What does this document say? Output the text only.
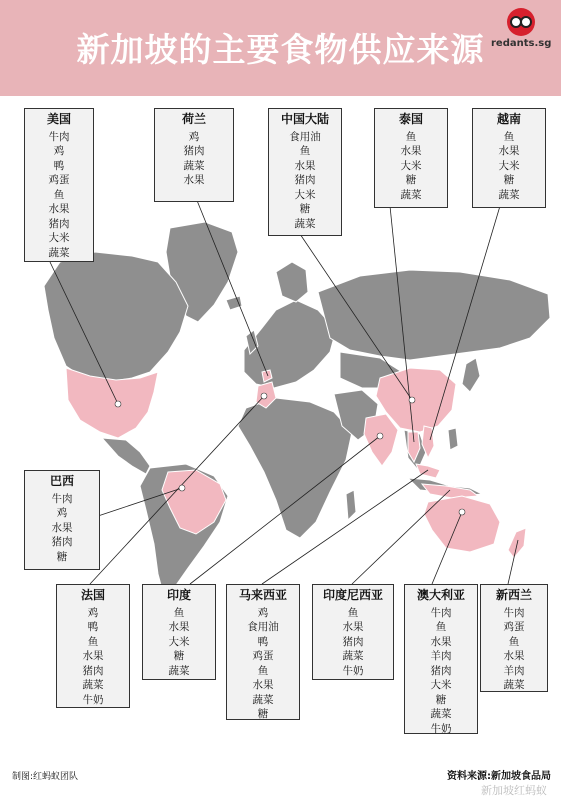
新加坡的主要食物供应来源 redants.sg
美国
牛肉
鸡
鸭
鸡蛋
鱼
水果
猪肉
大米
蔬菜
荷兰
鸡
猪肉
蔬菜
水果
中国大陆
食用油
鱼
水果
猪肉
大米
糖
蔬菜
泰国
鱼
水果
大米
糖
蔬菜
越南
鱼
水果
大米
糖
蔬菜
巴西
牛肉
鸡
水果
猪肉
糖
法国
鸡
鸭
鱼
水果
猪肉
蔬菜
牛奶
印度
鱼
水果
大米
糖
蔬菜
马来西亚
鸡
食用油
鸭
鸡蛋
鱼
水果
蔬菜
糖
印度尼西亚
鱼
水果
猪肉
蔬菜
牛奶
澳大利亚
牛肉
鱼
水果
羊肉
猪肉
大米
糖
蔬菜
牛奶
新西兰
牛肉
鸡蛋
鱼
水果
羊肉
蔬菜
制图:红蚂蚁团队	资料来源:新加坡食品局
新加坡红蚂蚁
